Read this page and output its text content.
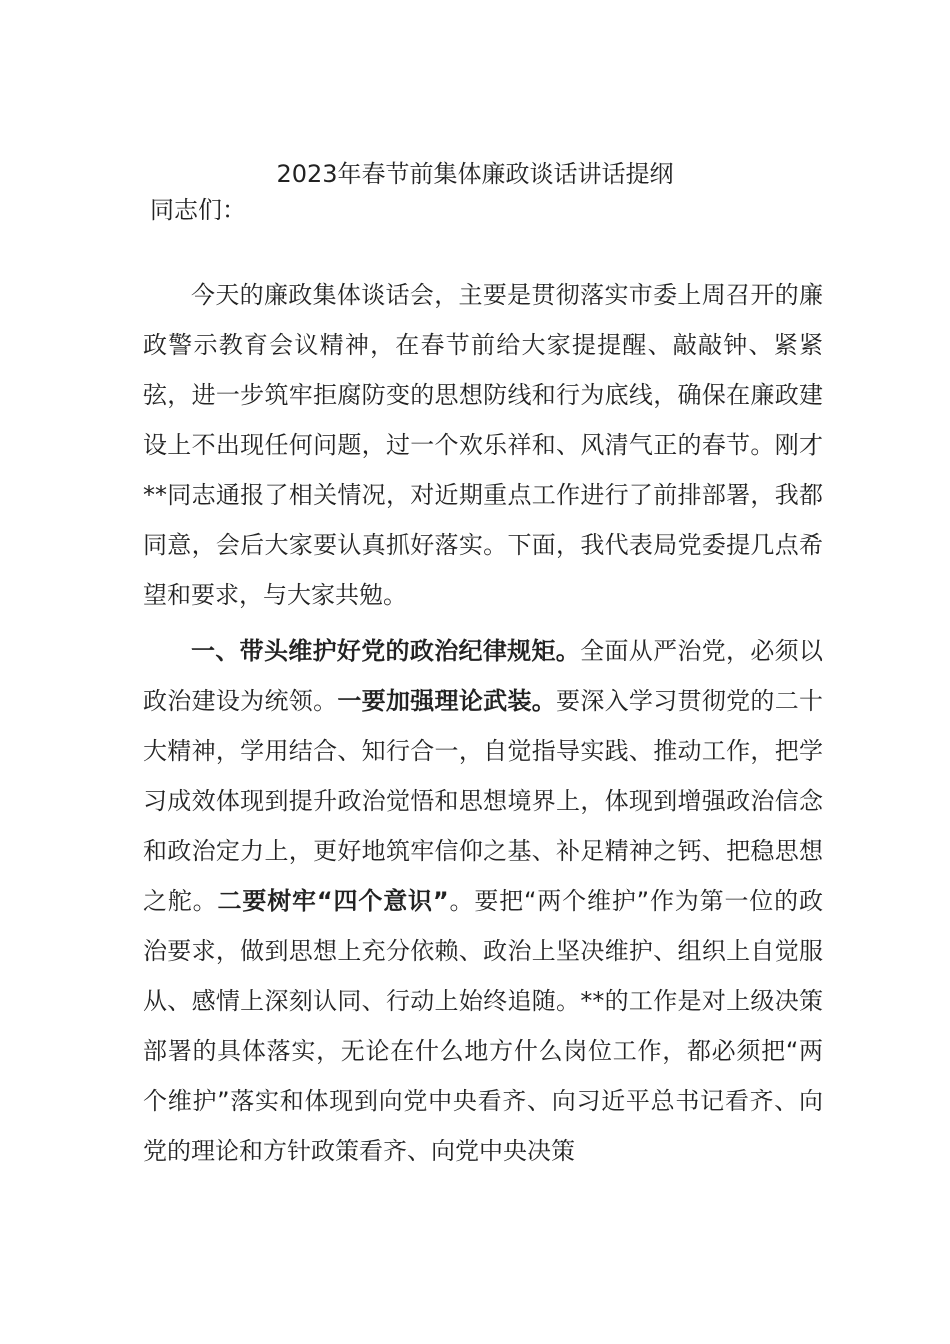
2023年春节前集体廉政谈话讲话提纲
同志们：

今天的廉政集体谈话会，主要是贯彻落实市委上周召开的廉政警示教育会议精神，在春节前给大家提提醒、敲敲钟、紧紧弦，进一步筑牢拒腐防变的思想防线和行为底线，确保在廉政建设上不出现任何问题，过一个欢乐祥和、风清气正的春节。刚才**同志通报了相关情况，对近期重点工作进行了前排部署，我都同意，会后大家要认真抓好落实。下面，我代表局党委提几点希望和要求，与大家共勉。

一、带头维护好党的政治纪律规矩。全面从严治党，必须以政治建设为统领。一要加强理论武装。要深入学习贯彻党的二十大精神，学用结合、知行合一，自觉指导实践、推动工作，把学习成效体现到提升政治觉悟和思想境界上，体现到增强政治信念和政治定力上，更好地筑牢信仰之基、补足精神之钙、把稳思想之舵。二要树牢“四个意识”。要把“两个维护”作为第一位的政治要求，做到思想上充分依赖、政治上坚决维护、组织上自觉服从、感情上深刻认同、行动上始终追随。**的工作是对上级决策部署的具体落实，无论在什么地方什么岗位工作，都必须把“两个维护”落实和体现到向党中央看齐、向习近平总书记看齐、向党的理论和方针政策看齐、向党中央决策
